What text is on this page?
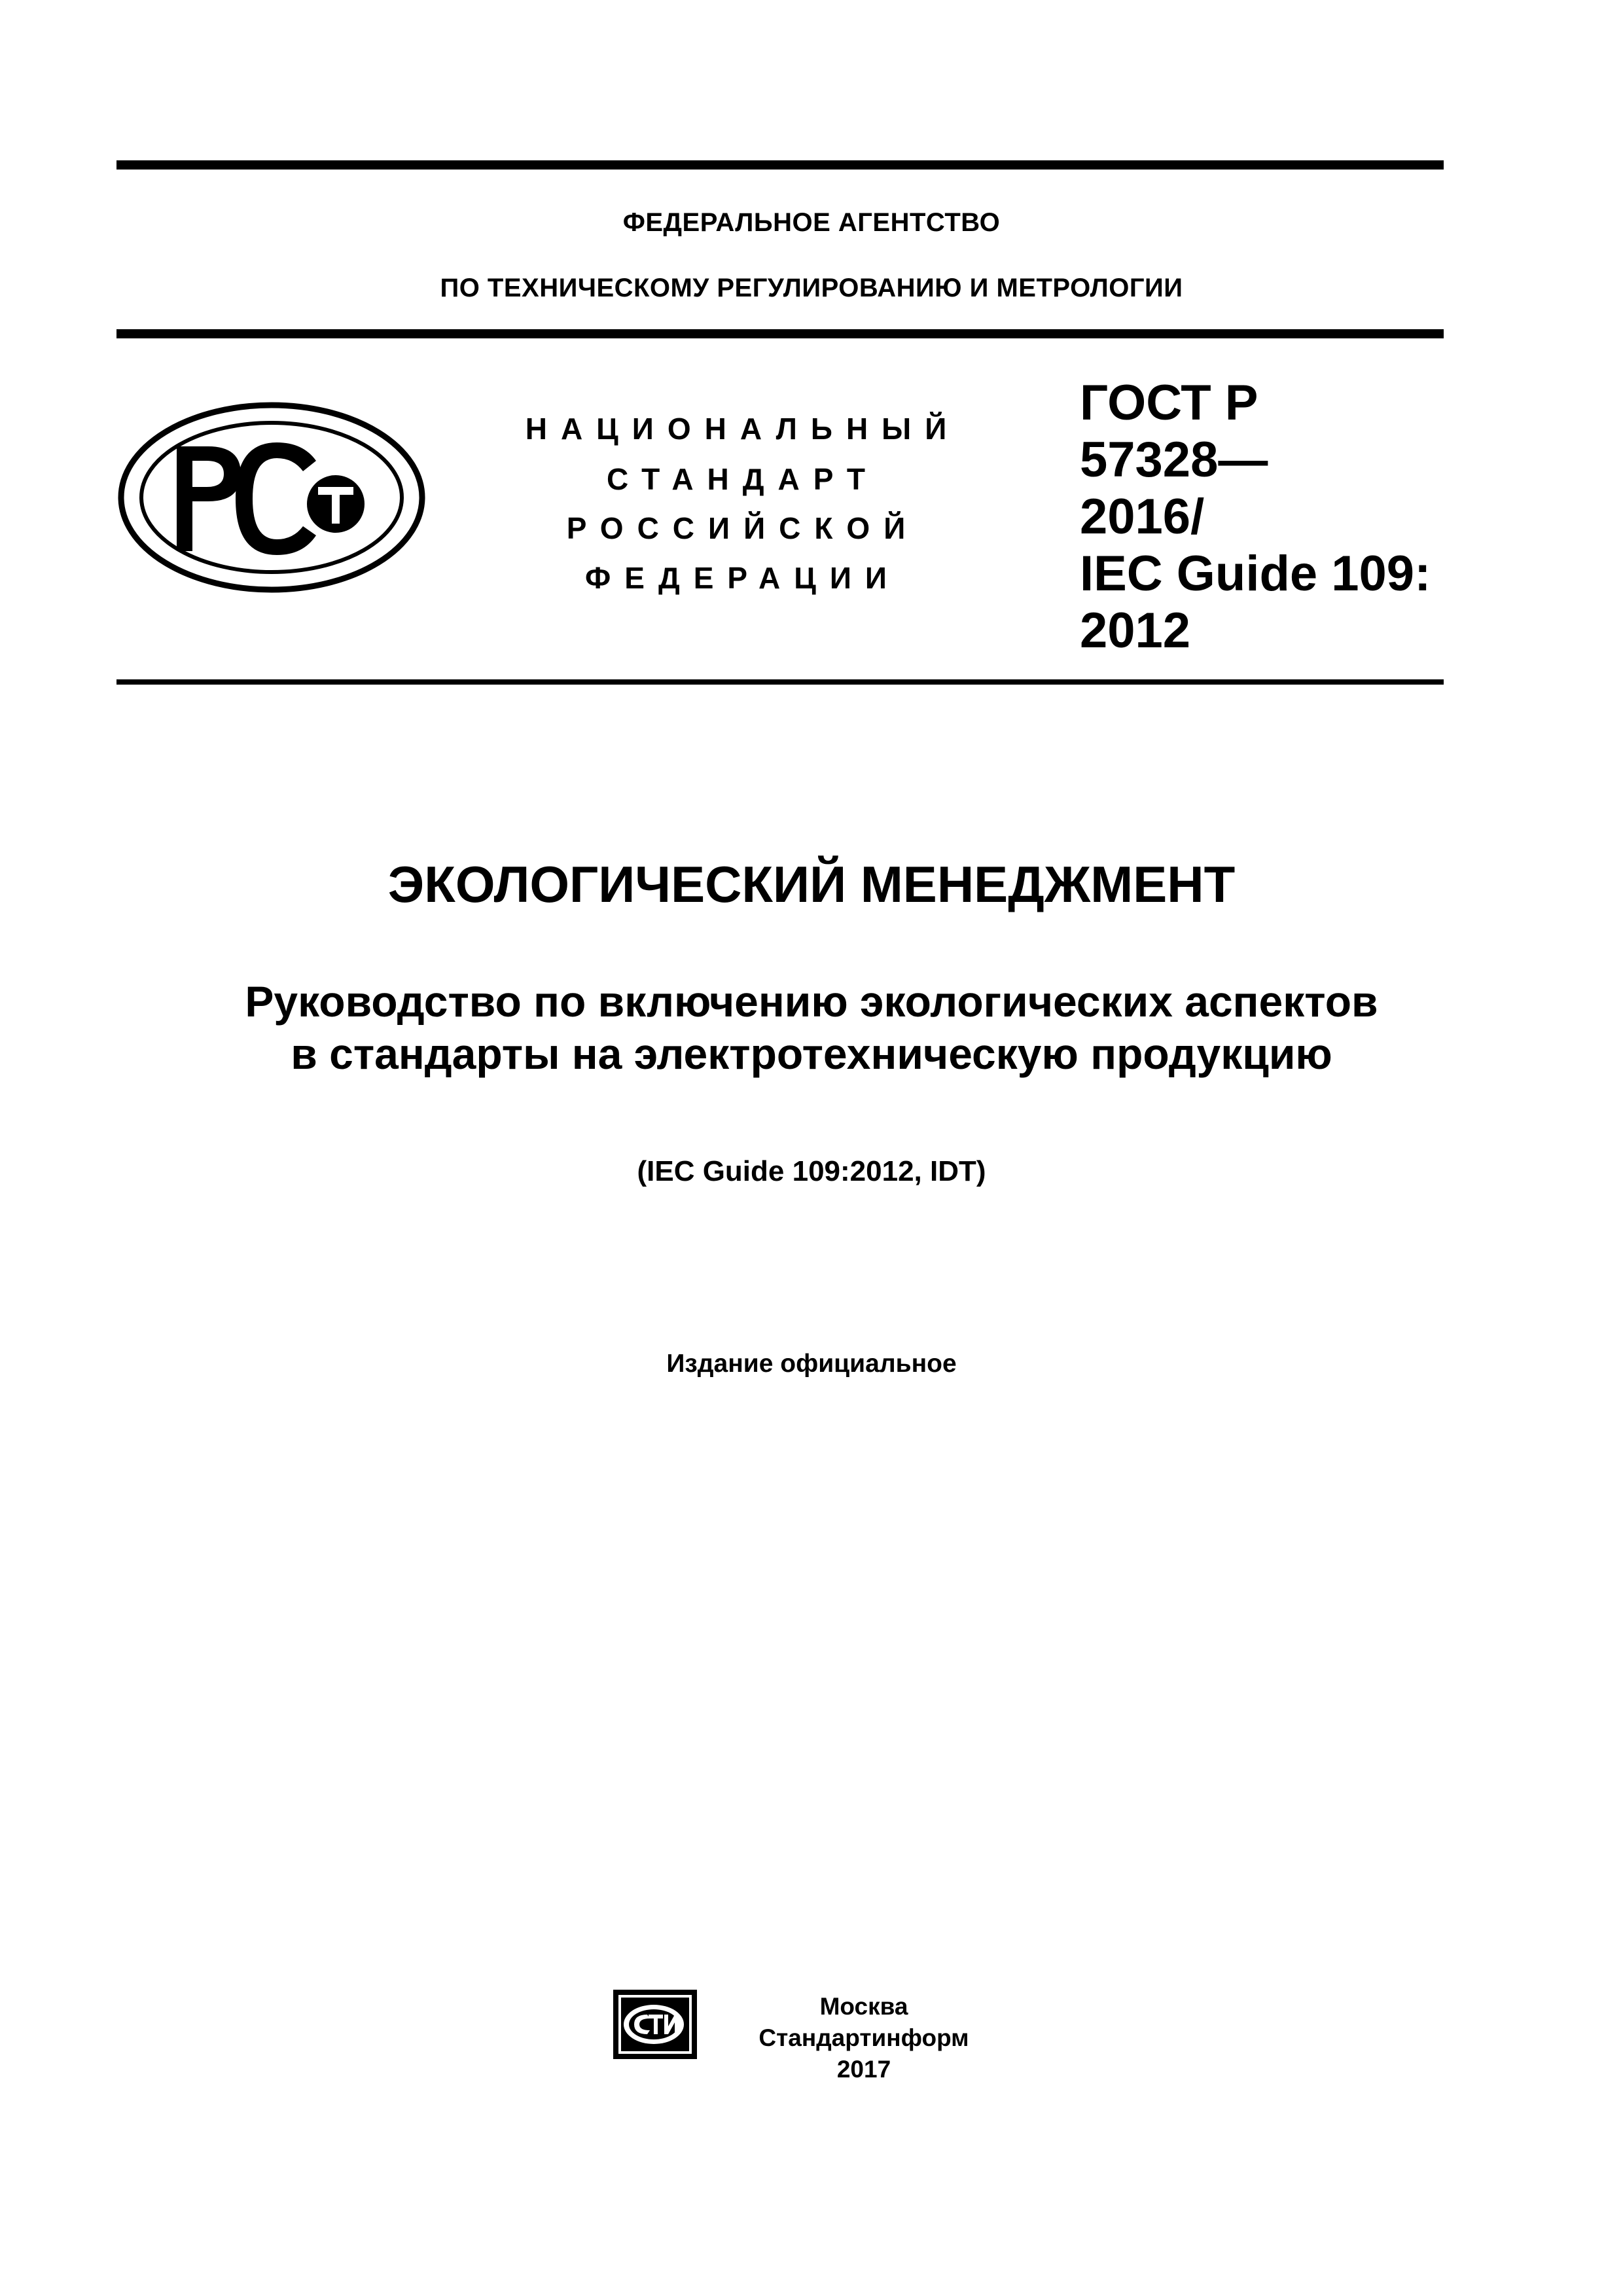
ФЕДЕРАЛЬНОЕ АГЕНТСТВО
ПО ТЕХНИЧЕСКОМУ РЕГУЛИРОВАНИЮ И МЕТРОЛОГИИ
НАЦИОНАЛЬНЫЙ
СТАНДАРТ
РОССИЙСКОЙ
ФЕДЕРАЦИИ
ГОСТ Р
57328—
2016/
IEC Guide 109:
2012
ЭКОЛОГИЧЕСКИЙ МЕНЕДЖМЕНТ
Руководство по включению экологических аспектов
в стандарты на электротехническую продукцию
(IEC Guide 109:2012, IDT)
Издание официальное
Москва
Стандартинформ
2017
